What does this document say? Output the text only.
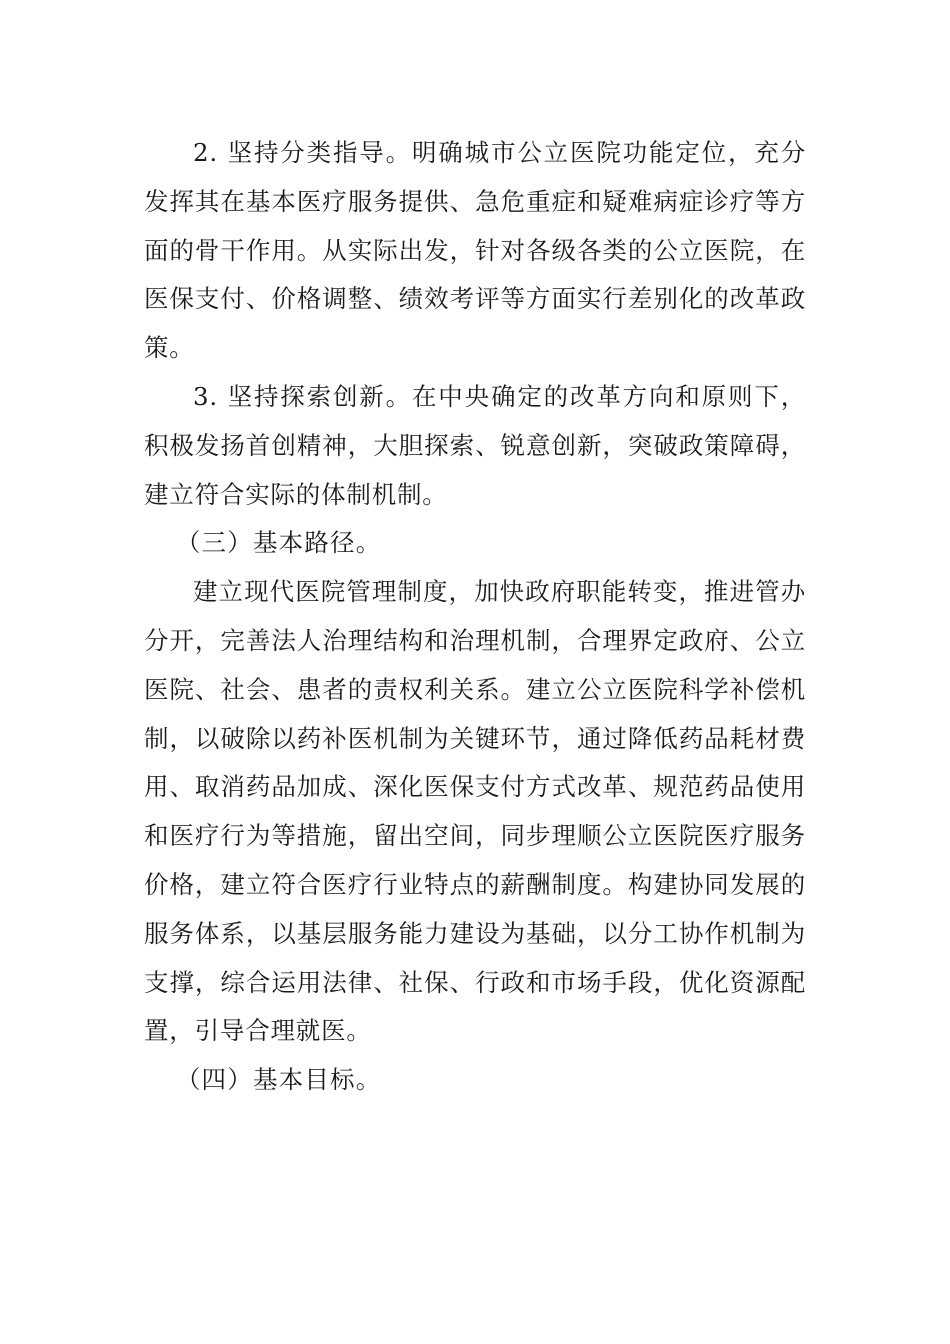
2. 坚持分类指导。明确城市公立医院功能定位，充分发挥其在基本医疗服务提供、急危重症和疑难病症诊疗等方面的骨干作用。从实际出发，针对各级各类的公立医院，在医保支付、价格调整、绩效考评等方面实行差别化的改革政策。

3. 坚持探索创新。在中央确定的改革方向和原则下，积极发扬首创精神，大胆探索、锐意创新，突破政策障碍，建立符合实际的体制机制。

（三）基本路径。

建立现代医院管理制度，加快政府职能转变，推进管办分开，完善法人治理结构和治理机制，合理界定政府、公立医院、社会、患者的责权利关系。建立公立医院科学补偿机制，以破除以药补医机制为关键环节，通过降低药品耗材费用、取消药品加成、深化医保支付方式改革、规范药品使用和医疗行为等措施，留出空间，同步理顺公立医院医疗服务价格，建立符合医疗行业特点的薪酬制度。构建协同发展的服务体系，以基层服务能力建设为基础，以分工协作机制为支撑，综合运用法律、社保、行政和市场手段，优化资源配置，引导合理就医。

（四）基本目标。
